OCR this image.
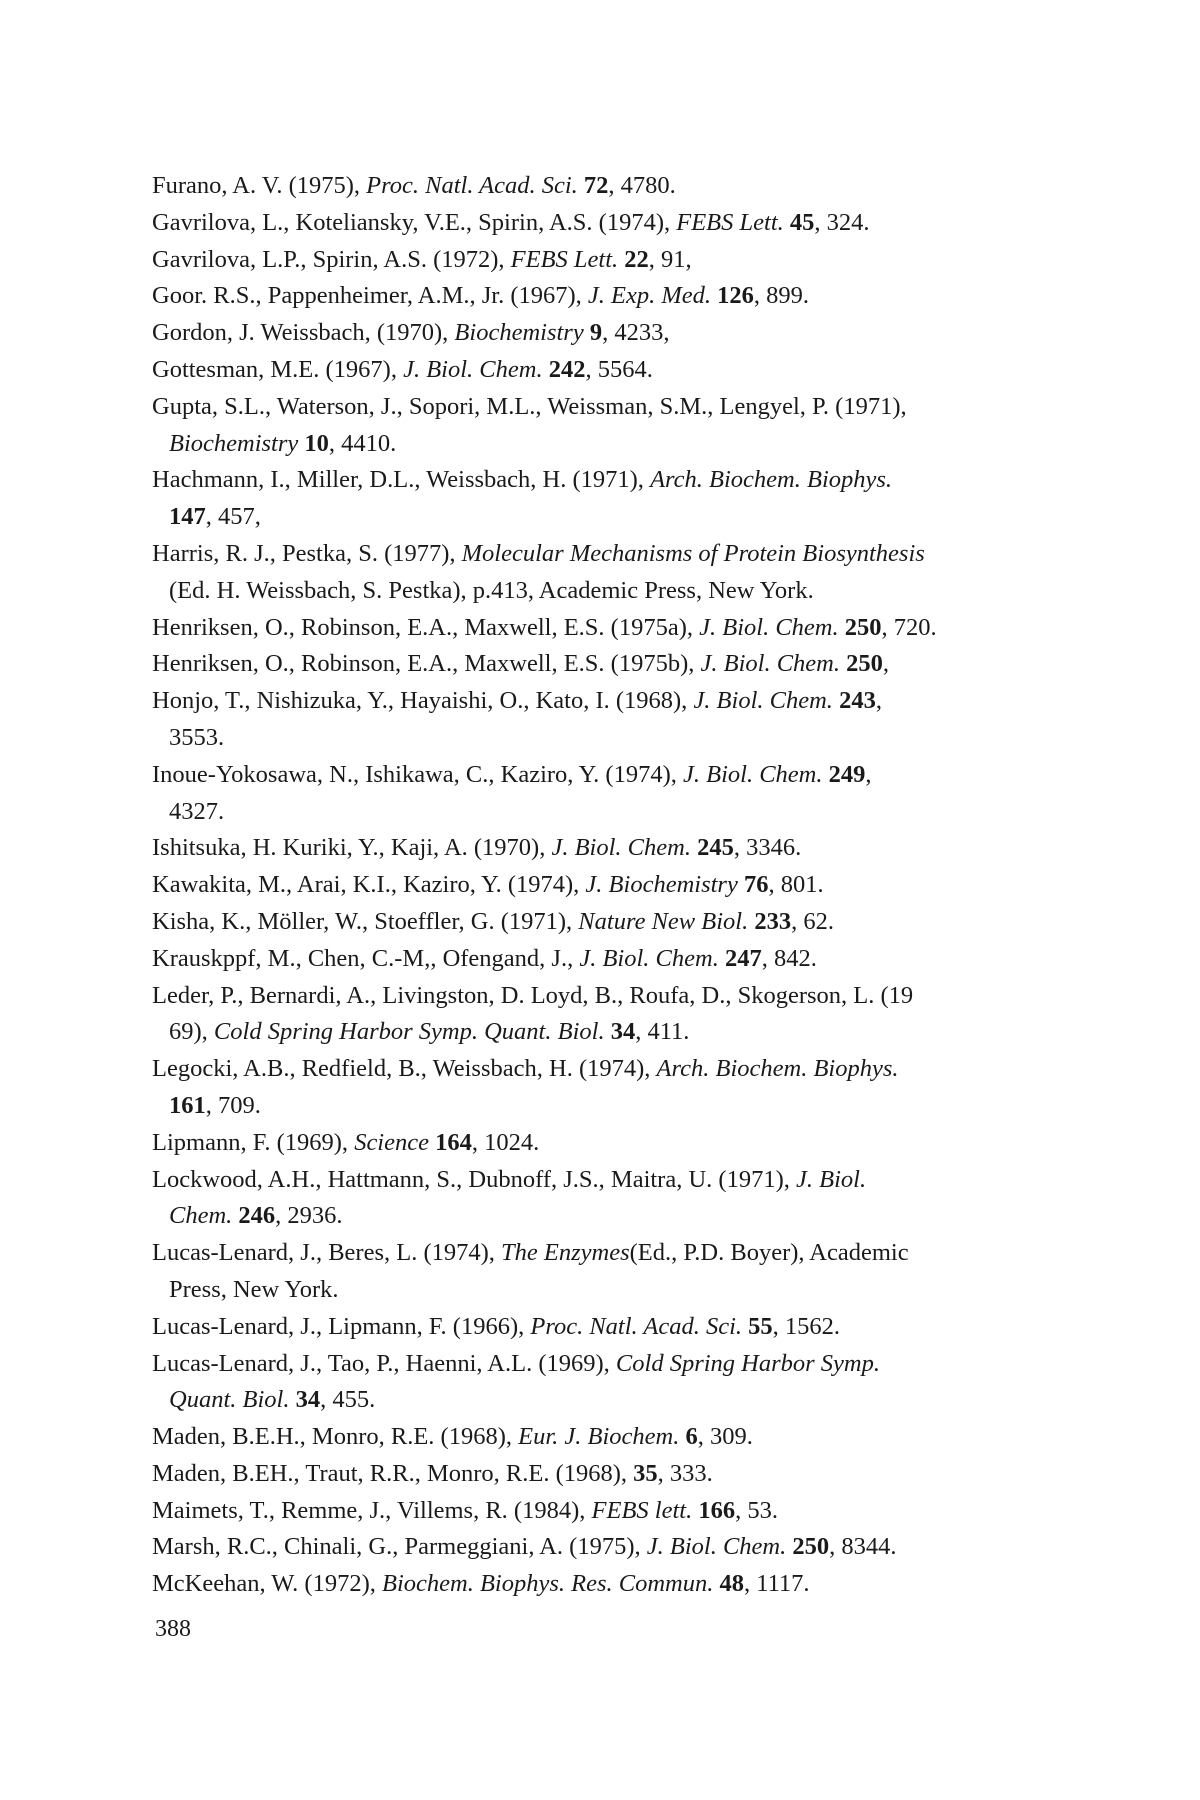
Furano, A. V. (1975), Proc. Natl. Acad. Sci. 72, 4780.
Gavrilova, L., Koteliansky, V.E., Spirin, A.S. (1974), FEBS Lett. 45, 324.
Gavrilova, L.P., Spirin, A.S. (1972), FEBS Lett. 22, 91,
Goor. R.S., Pappenheimer, A.M., Jr. (1967), J. Exp. Med. 126, 899.
Gordon, J. Weissbach, (1970), Biochemistry 9, 4233,
Gottesman, M.E. (1967), J. Biol. Chem. 242, 5564.
Gupta, S.L., Waterson, J., Sopori, M.L., Weissman, S.M., Lengyel, P. (1971),
Biochemistry 10, 4410.
Hachmann, I., Miller, D.L., Weissbach, H. (1971), Arch. Biochem. Biophys.
147, 457,
Harris, R. J., Pestka, S. (1977), Molecular Mechanisms of Protein Biosynthesis
(Ed. H. Weissbach, S. Pestka), p.413, Academic Press, New York.
Henriksen, O., Robinson, E.A., Maxwell, E.S. (1975a), J. Biol. Chem. 250, 720.
Henriksen, O., Robinson, E.A., Maxwell, E.S. (1975b), J. Biol. Chem. 250,
Honjo, T., Nishizuka, Y., Hayaishi, O., Kato, I. (1968), J. Biol. Chem. 243,
3553.
Inoue-Yokosawa, N., Ishikawa, C., Kaziro, Y. (1974), J. Biol. Chem. 249,
4327.
Ishitsuka, H. Kuriki, Y., Kaji, A. (1970), J. Biol. Chem. 245, 3346.
Kawakita, M., Arai, K.I., Kaziro, Y. (1974), J. Biochemistry 76, 801.
Kisha, K., Möller, W., Stoeffler, G. (1971), Nature New Biol. 233, 62.
Krauskppf, M., Chen, C.-M,, Ofengand, J., J. Biol. Chem. 247, 842.
Leder, P., Bernardi, A., Livingston, D. Loyd, B., Roufa, D., Skogerson, L. (19
69), Cold Spring Harbor Symp. Quant. Biol. 34, 411.
Legocki, A.B., Redfield, B., Weissbach, H. (1974), Arch. Biochem. Biophys.
161, 709.
Lipmann, F. (1969), Science 164, 1024.
Lockwood, A.H., Hattmann, S., Dubnoff, J.S., Maitra, U. (1971), J. Biol.
Chem. 246, 2936.
Lucas-Lenard, J., Beres, L. (1974), The Enzymes(Ed., P.D. Boyer), Academic
Press, New York.
Lucas-Lenard, J., Lipmann, F. (1966), Proc. Natl. Acad. Sci. 55, 1562.
Lucas-Lenard, J., Tao, P., Haenni, A.L. (1969), Cold Spring Harbor Symp.
Quant. Biol. 34, 455.
Maden, B.E.H., Monro, R.E. (1968), Eur. J. Biochem. 6, 309.
Maden, B.EH., Traut, R.R., Monro, R.E. (1968), 35, 333.
Maimets, T., Remme, J., Villems, R. (1984), FEBS lett. 166, 53.
Marsh, R.C., Chinali, G., Parmeggiani, A. (1975), J. Biol. Chem. 250, 8344.
McKeehan, W. (1972), Biochem. Biophys. Res. Commun. 48, 1117.
388
